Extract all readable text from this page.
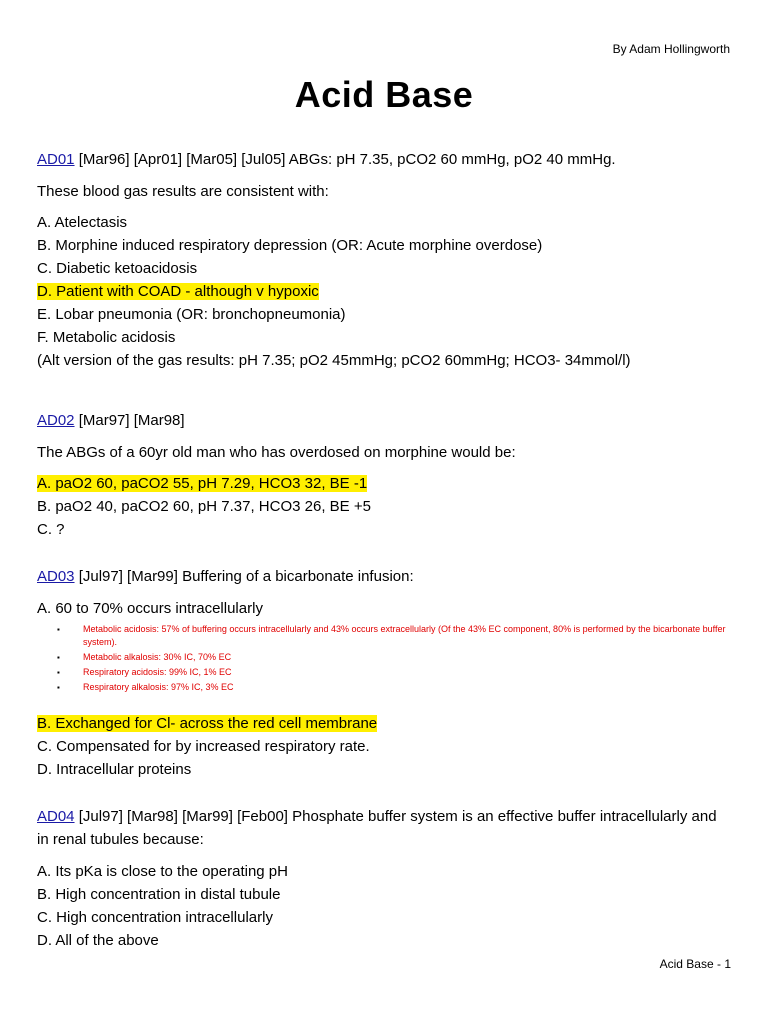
By Adam Hollingworth
Acid Base

AD01 [Mar96] [Apr01] [Mar05] [Jul05] ABGs: pH 7.35, pCO2 60 mmHg, pO2 40 mmHg.

These blood gas results are consistent with:

A. Atelectasis
B. Morphine induced respiratory depression (OR: Acute morphine overdose)
C. Diabetic ketoacidosis
D. Patient with COAD - although v hypoxic
E. Lobar pneumonia (OR: bronchopneumonia)
F. Metabolic acidosis
(Alt version of the gas results: pH 7.35; pO2 45mmHg; pCO2 60mmHg; HCO3- 34mmol/l)

AD02 [Mar97] [Mar98]

The ABGs of a 60yr old man who has overdosed on morphine would be:

A. paO2 60, paCO2 55, pH 7.29, HCO3 32, BE -1
B. paO2 40, paCO2 60, pH 7.37, HCO3 26, BE +5
C. ?

AD03 [Jul97] [Mar99] Buffering of a bicarbonate infusion:

A. 60 to 70% occurs intracellularly
▪ Metabolic acidosis: 57% of buffering occurs intracellularly and 43% occurs extracellularly (Of the 43% EC component, 80% is performed by the bicarbonate buffer system).
▪ Metabolic alkalosis: 30% IC, 70% EC
▪ Respiratory acidosis: 99% IC, 1% EC
▪ Respiratory alkalosis: 97% IC, 3% EC
B. Exchanged for Cl- across the red cell membrane
C. Compensated for by increased respiratory rate.
D. Intracellular proteins

AD04 [Jul97] [Mar98] [Mar99] [Feb00] Phosphate buffer system is an effective buffer intracellularly and in renal tubules because:

A. Its pKa is close to the operating pH
B. High concentration in distal tubule
C. High concentration intracellularly
D. All of the above
Acid Base - 1
